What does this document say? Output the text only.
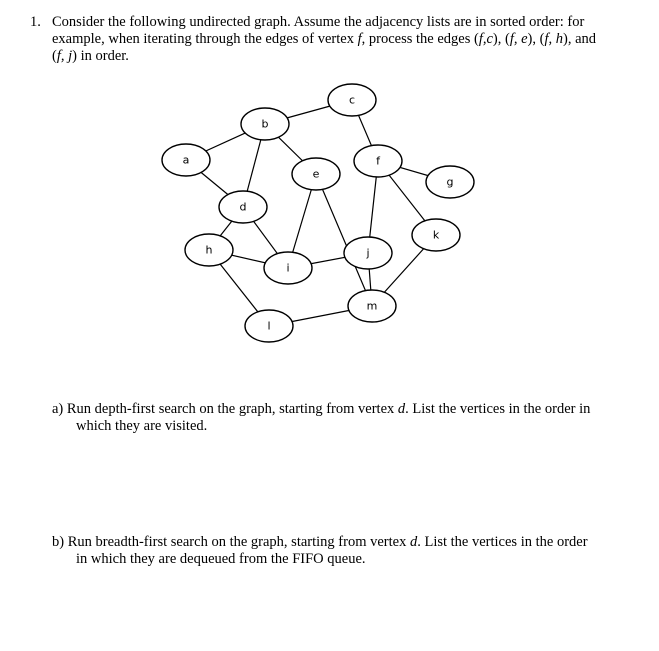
1. Consider the following undirected graph. Assume the adjacency lists are in sorted order: for
example, when iterating through the edges of vertex f, process the edges (f,c), (f, e), (f, h), and
(f, j) in order.
a
b
c
d
e
f
g
h
i
j
k
l
m
a) Run depth-first search on the graph, starting from vertex d. List the vertices in the order in

which they are visited.
b) Run breadth-first search on the graph, starting from vertex d. List the vertices in the order

in which they are dequeued from the FIFO queue.
